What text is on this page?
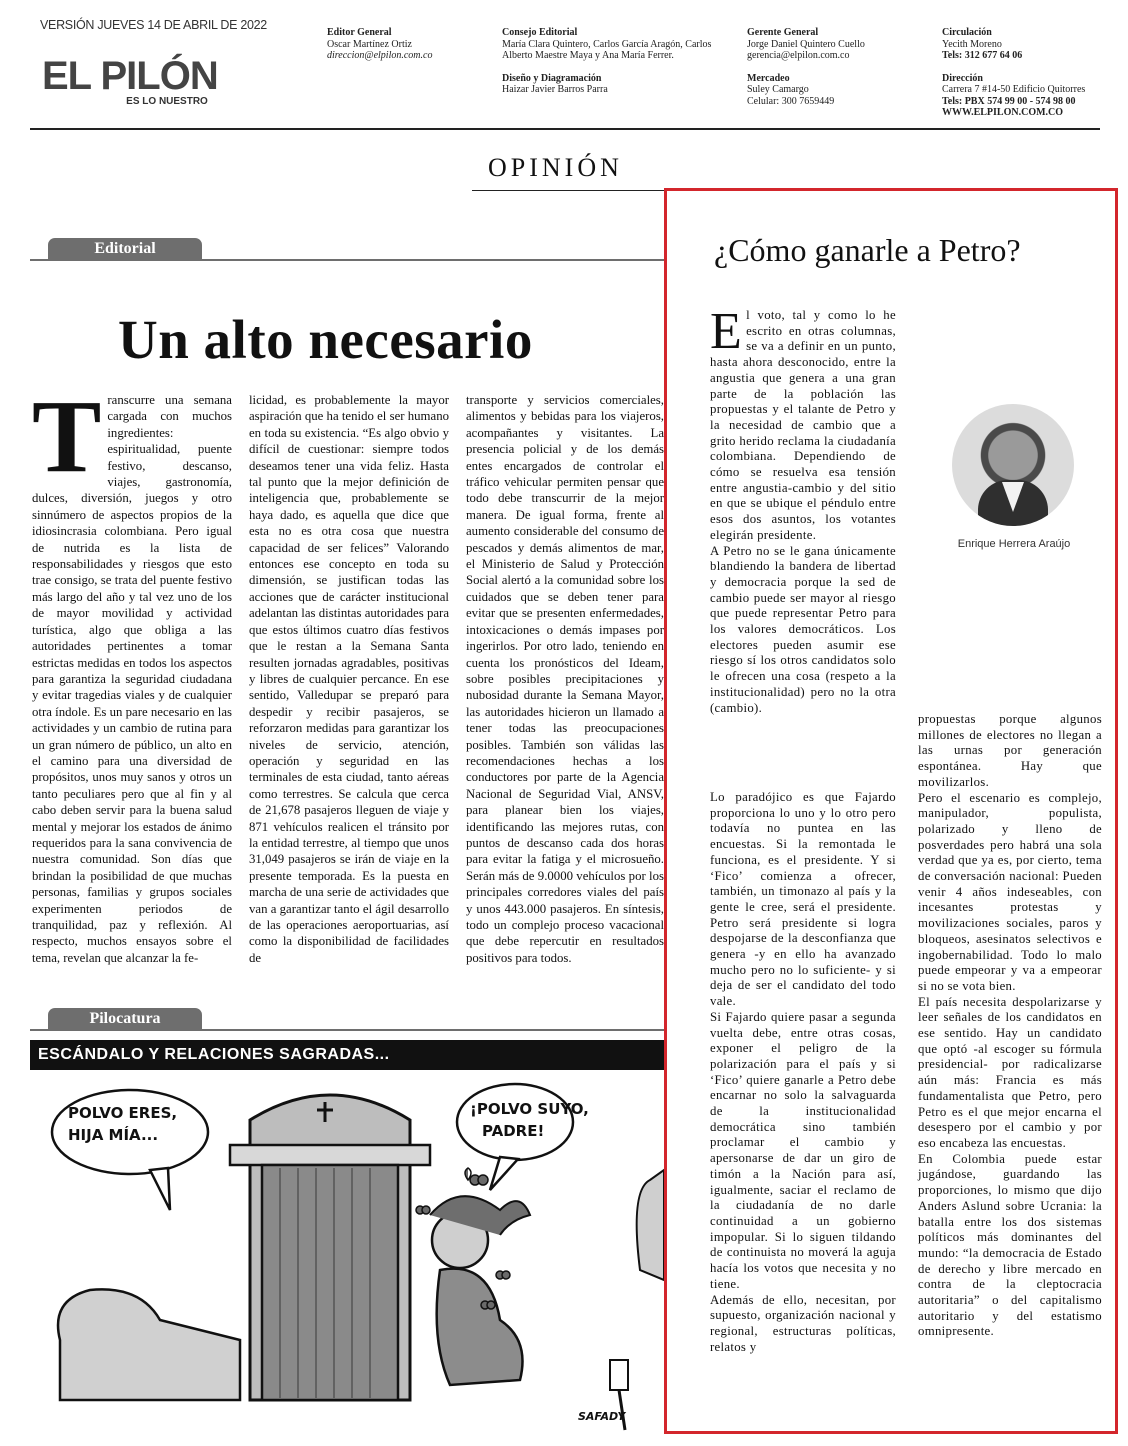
VERSIÓN JUEVES 14 DE ABRIL DE 2022
EL PILÓN
ES LO NUESTRO
Editor General
Oscar Martínez Ortiz
direccion@elpilon.com.co
Consejo Editorial
María Clara Quintero, Carlos García Aragón, Carlos Alberto Maestre Maya y Ana María Ferrer.
Diseño y Diagramación
Haizar Javier Barros Parra
Gerente General
Jorge Daniel Quintero Cuello
gerencia@elpilon.com.co
Mercadeo
Suley Camargo
Celular: 300 7659449
Circulación
Yecith Moreno
Tels: 312 677 64 06
Dirección
Carrera 7 #14-50 Edificio Quitorres
Tels: PBX 574 99 00 - 574 98 00
WWW.ELPILON.COM.CO
OPINIÓN
Editorial
Un alto necesario
T ranscurre una semana cargada con muchos ingredientes: espiritualidad, puente festivo, descanso, viajes, gastronomía, dulces, diversión, juegos y otro sinnúmero de aspectos propios de la idiosincrasia colombiana. Pero igual de nutrida es la lista de responsabilidades y riesgos que esto trae consigo, se trata del puente festivo más largo del año y tal vez uno de los de mayor movilidad y actividad turística, algo que obliga a las autoridades pertinentes a tomar estrictas medidas en todos los aspectos para garantiza la seguridad ciudadana y evitar tragedias viales y de cualquier otra índole. Es un pare necesario en las actividades y un cambio de rutina para un gran número de público, un alto en el camino para una diversidad de propósitos, unos muy sanos y otros un tanto peculiares pero que al fin y al cabo deben servir para la buena salud mental y mejorar los estados de ánimo requeridos para la sana convivencia de nuestra comunidad. Son días que brindan la posibilidad de que muchas personas, familias y grupos sociales experimenten periodos de tranquilidad, paz y reflexión. Al respecto, muchos ensayos sobre el tema, revelan que alcanzar la fe-
licidad, es probablemente la mayor aspiración que ha tenido el ser humano en toda su existencia. “Es algo obvio y difícil de cuestionar: siempre todos deseamos tener una vida feliz. Hasta tal punto que la mejor definición de inteligencia que, probablemente se haya dado, es aquella que dice que esta no es otra cosa que nuestra capacidad de ser felices” Valorando entonces ese concepto en toda su dimensión, se justifican todas las acciones que de carácter institucional adelantan las distintas autoridades para que estos últimos cuatro días festivos que le restan a la Semana Santa resulten jornadas agradables, positivas y libres de cualquier percance. En ese sentido, Valledupar se preparó para despedir y recibir pasajeros, se reforzaron medidas para garantizar los niveles de servicio, atención, operación y seguridad en las terminales de esta ciudad, tanto aéreas como terrestres. Se calcula que cerca de 21,678 pasajeros lleguen de viaje y 871 vehículos realicen el tránsito por la entidad terrestre, al tiempo que unos 31,049 pasajeros se irán de viaje en la presente temporada. Es la puesta en marcha de una serie de actividades que van a garantizar tanto el ágil desarrollo de las operaciones aeroportuarias, así como la disponibilidad de facilidades de
transporte y servicios comerciales, alimentos y bebidas para los viajeros, acompañantes y visitantes. La presencia policial y de los demás entes encargados de controlar el tráfico vehicular permiten pensar que todo debe transcurrir de la mejor manera. De igual forma, frente al aumento considerable del consumo de pescados y demás alimentos de mar, el Ministerio de Salud y Protección Social alertó a la comunidad sobre los cuidados que se deben tener para evitar que se presenten enfermedades, intoxicaciones o demás impases por ingerirlos. Por otro lado, teniendo en cuenta los pronósticos del Ideam, sobre posibles precipitaciones y nubosidad durante la Semana Mayor, las autoridades hicieron un llamado a tener todas las preocupaciones posibles. También son válidas las recomendaciones hechas a los conductores por parte de la Agencia Nacional de Seguridad Vial, ANSV, para planear bien los viajes, identificando las mejores rutas, con puntos de descanso cada dos horas para evitar la fatiga y el microsueño. Serán más de 9.0000 vehículos por los principales corredores viales del país y unos 443.000 pasajeros. En síntesis, todo un complejo proceso vacacional que debe repercutir en resultados positivos para todos.
Pilocatura
ESCÁNDALO Y RELACIONES SAGRADAS...
POLVO ERES,
HIJA MÍA...
¡POLVO SUYO,
PADRE!
SAFADY
¿Cómo ganarle a Petro?
Enrique Herrera Araújo

El voto, tal y como lo he escrito en otras columnas, se va a definir en un punto, hasta ahora desconocido, entre la angustia que genera a una gran parte de la población las propuestas y el talante de Petro y la necesidad de cambio que a grito herido reclama la ciudadanía colombiana. Dependiendo de cómo se resuelva esa tensión entre angustia-cambio y del sitio en que se ubique el péndulo entre esos dos asuntos, los votantes elegirán presidente.

A Petro no se le gana únicamente blandiendo la bandera de libertad y democracia porque la sed de cambio puede ser mayor al riesgo que puede representar Petro para los valores democráticos. Los electores pueden asumir ese riesgo sí los otros candidatos solo le ofrecen una cosa (respeto a la institucionalidad) pero no la otra (cambio).

Lo paradójico es que Fajardo proporciona lo uno y lo otro pero todavía no puntea en las encuestas. Si la remontada le funciona, es el presidente. Y si ‘Fico’ comienza a ofrecer, también, un timonazo al país y la gente le cree, será el presidente. Petro será presidente si logra despojarse de la desconfianza que genera -y en ello ha avanzado mucho pero no lo suficiente- y si deja de ser el candidato del todo vale.

Si Fajardo quiere pasar a segunda vuelta debe, entre otras cosas, exponer el peligro de la polarización para el país y si ‘Fico’ quiere ganarle a Petro debe encarnar no solo la salvaguarda de la institucionalidad democrática sino también proclamar el cambio y apersonarse de dar un giro de timón a la Nación para así, igualmente, saciar el reclamo de la ciudadanía de no darle continuidad a un gobierno impopular. Si lo siguen tildando de continuista no moverá la aguja hacía los votos que necesita y no tiene.

Además de ello, necesitan, por supuesto, organización nacional y regional, estructuras políticas, relatos y

propuestas porque algunos millones de electores no llegan a las urnas por generación espontánea. Hay que movilizarlos.

Pero el escenario es complejo, manipulador, populista, polarizado y lleno de posverdades pero habrá una sola verdad que ya es, por cierto, tema de conversación nacional: Pueden venir 4 años indeseables, con incesantes protestas y movilizaciones sociales, paros y bloqueos, asesinatos selectivos e ingobernabilidad. Todo lo malo puede empeorar y va a empeorar si no se vota bien.

El país necesita despolarizarse y leer señales de los candidatos en ese sentido. Hay un candidato que optó -al escoger su fórmula presidencial- por radicalizarse aún más: Francia es más fundamentalista que Petro, pero Petro es el que mejor encarna el desespero por el cambio y por eso encabeza las encuestas.

En Colombia puede estar jugándose, guardando las proporciones, lo mismo que dijo Anders Aslund sobre Ucrania: la batalla entre los dos sistemas políticos más dominantes del mundo: “la democracia de Estado de derecho y libre mercado en contra de la cleptocracia autoritaria” o del capitalismo autoritario y del estatismo omnipresente.
